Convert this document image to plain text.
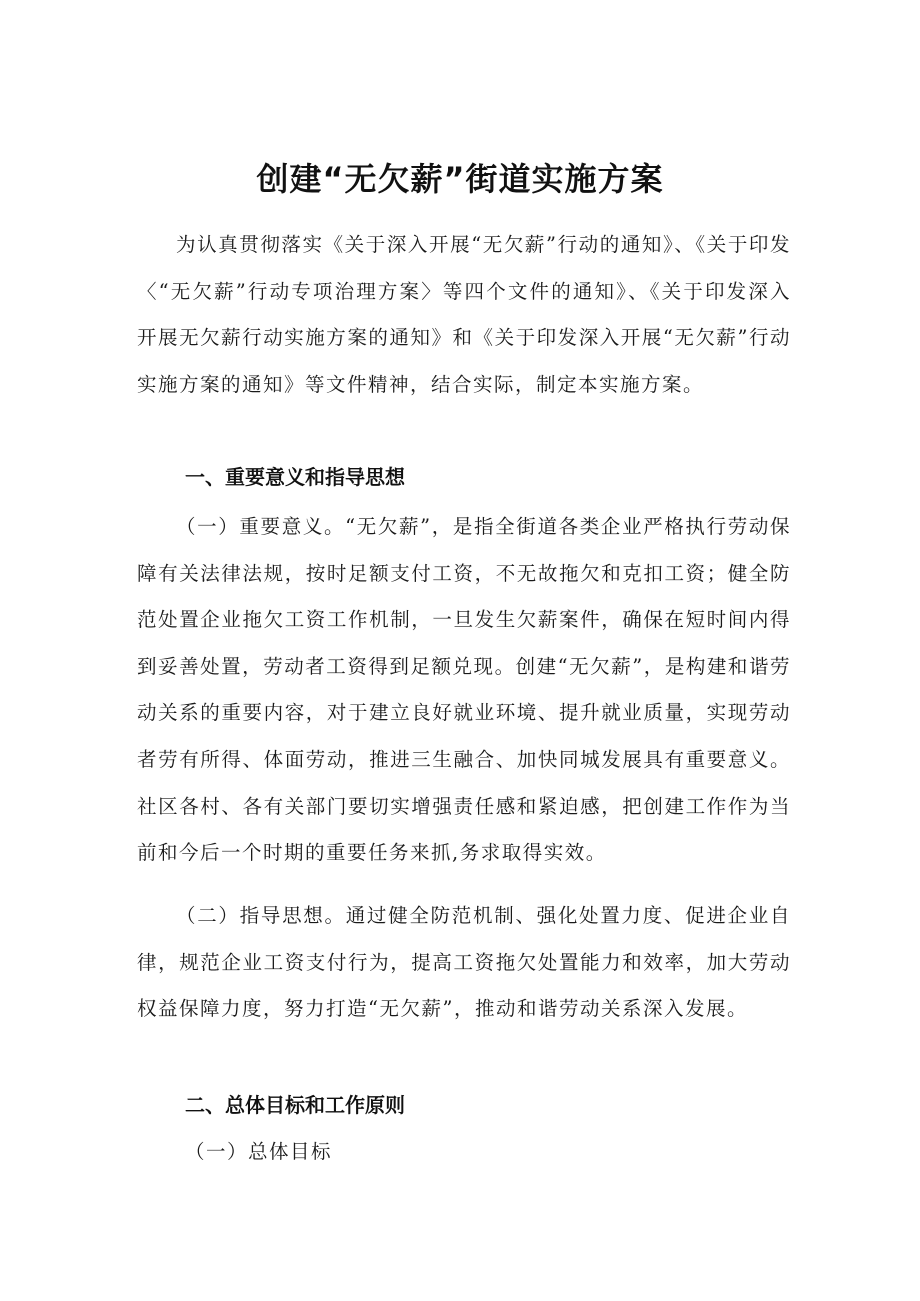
创建“无欠薪”街道实施方案

为认真贯彻落实《关于深入开展“无欠薪”行动的通知》、《关于印发〈“无欠薪”行动专项治理方案〉等四个文件的通知》、《关于印发深入开展无欠薪行动实施方案的通知》和《关于印发深入开展“无欠薪”行动实施方案的通知》等文件精神，结合实际，制定本实施方案。

一、重要意义和指导思想

（一）重要意义。“无欠薪”，是指全街道各类企业严格执行劳动保障有关法律法规，按时足额支付工资，不无故拖欠和克扣工资；健全防范处置企业拖欠工资工作机制，一旦发生欠薪案件，确保在短时间内得到妥善处置，劳动者工资得到足额兑现。创建“无欠薪”，是构建和谐劳动关系的重要内容，对于建立良好就业环境、提升就业质量，实现劳动者劳有所得、体面劳动，推进三生融合、加快同城发展具有重要意义。社区各村、各有关部门要切实增强责任感和紧迫感，把创建工作作为当前和今后一个时期的重要任务来抓,务求取得实效。

（二）指导思想。通过健全防范机制、强化处置力度、促进企业自律，规范企业工资支付行为，提高工资拖欠处置能力和效率，加大劳动权益保障力度，努力打造“无欠薪”，推动和谐劳动关系深入发展。

二、总体目标和工作原则

（一）总体目标
